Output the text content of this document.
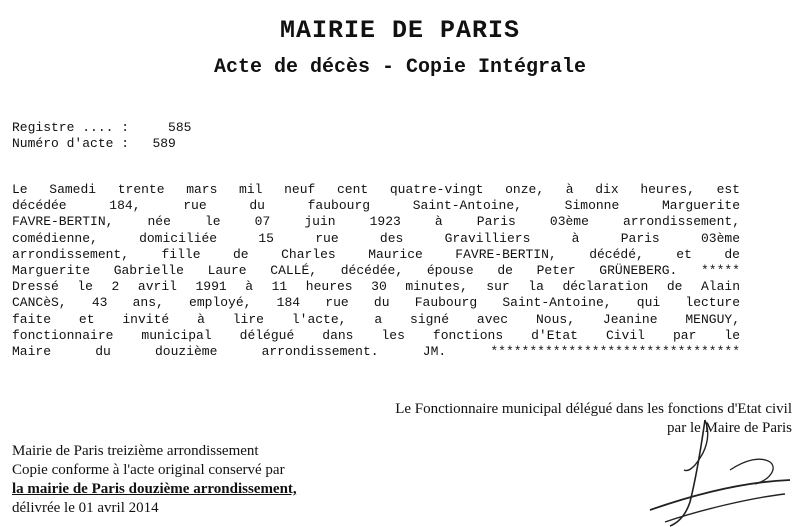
MAIRIE DE PARIS
Acte de décès - Copie Intégrale
Registre .... :	585
Numéro d'acte : 589
Le Samedi trente mars mil neuf cent quatre-vingt onze, à dix heures, est
décédée 184, rue du faubourg Saint-Antoine, Simonne Marguerite
FAVRE-BERTIN, née le 07 juin 1923 à Paris 03ème arrondissement,
comédienne, domiciliée 15 rue des Gravilliers à Paris 03ème
arrondissement, fille de Charles Maurice FAVRE-BERTIN, décédé, et de
Marguerite Gabrielle Laure CALLÉ, décédée, épouse de Peter GRÜNEBERG. *****
Dressé le 2 avril 1991 à 11 heures 30 minutes, sur la déclaration de Alain
CANCèS, 43 ans, employé, 184 rue du Faubourg Saint-Antoine, qui lecture
faite et invité à lire l'acte, a signé avec Nous, Jeanine MENGUY,
fonctionnaire municipal délégué dans les fonctions d'Etat Civil par le
Maire du douzième arrondissement. JM. ********************************
Le Fonctionnaire municipal délégué dans les fonctions d'Etat civil
par le Maire de Paris
Mairie de Paris treizième arrondissement
Copie conforme à l'acte original conservé par
la mairie de Paris douzième arrondissement,
délivrée le 01 avril 2014
